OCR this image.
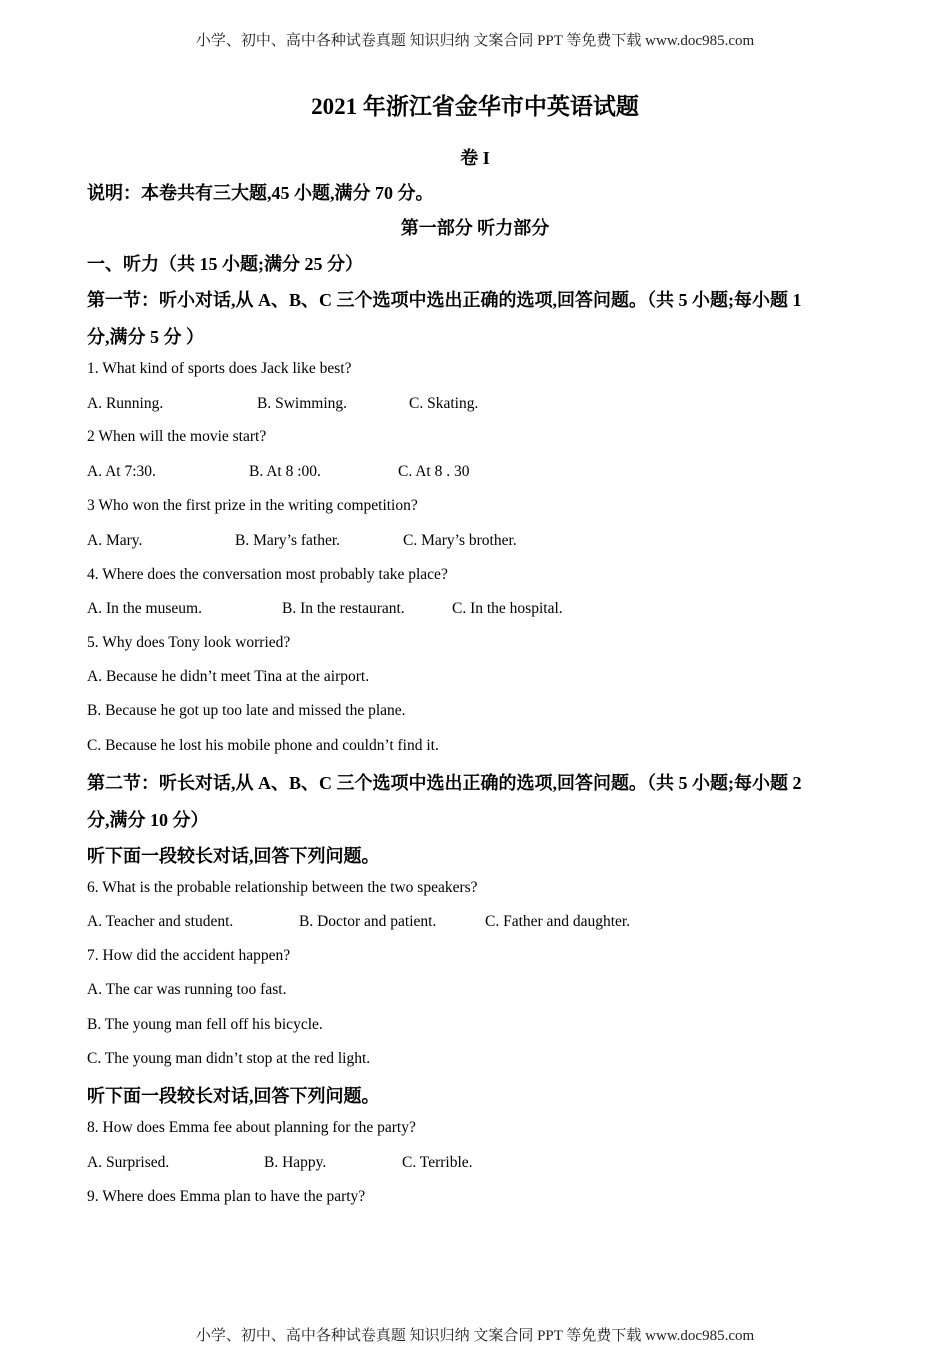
小学、初中、高中各种试卷真题 知识归纳 文案合同 PPT 等免费下载 www.doc985.com
2021 年浙江省金华市中英语试题
卷 I
说明：本卷共有三大题,45 小题,满分 70 分。
第一部分 听力部分
一、听力（共 15 小题;满分 25 分）
第一节：听小对话,从 A、B、C 三个选项中选出正确的选项,回答问题。（共 5 小题;每小题 1
分,满分 5 分 ）
1. What kind of sports does Jack like best?
A. Running.	B. Swimming.	C. Skating.
2 When will the movie start?
A. At 7:30.	B. At 8 :00.	C. At 8 . 30
3 Who won the first prize in the writing competition?
A. Mary.	B. Mary’s father.	C. Mary’s brother.
4. Where does the conversation most probably take place?
A. In the museum.	B. In the restaurant.	C. In the hospital.
5. Why does Tony look worried?
A. Because he didn’t meet Tina at the airport.
B. Because he got up too late and missed the plane.
C. Because he lost his mobile phone and couldn’t find it.
第二节：听长对话,从 A、B、C 三个选项中选出正确的选项,回答问题。（共 5 小题;每小题 2
分,满分 10 分）
听下面一段较长对话,回答下列问题。
6. What is the probable relationship between the two speakers?
A. Teacher and student.	B. Doctor and patient.	C. Father and daughter.
7. How did the accident happen?
A. The car was running too fast.
B. The young man fell off his bicycle.
C. The young man didn’t stop at the red light.
听下面一段较长对话,回答下列问题。
8. How does Emma fee about planning for the party?
A. Surprised.	B. Happy.	C. Terrible.
9. Where does Emma plan to have the party?
小学、初中、高中各种试卷真题 知识归纳 文案合同 PPT 等免费下载 www.doc985.com
